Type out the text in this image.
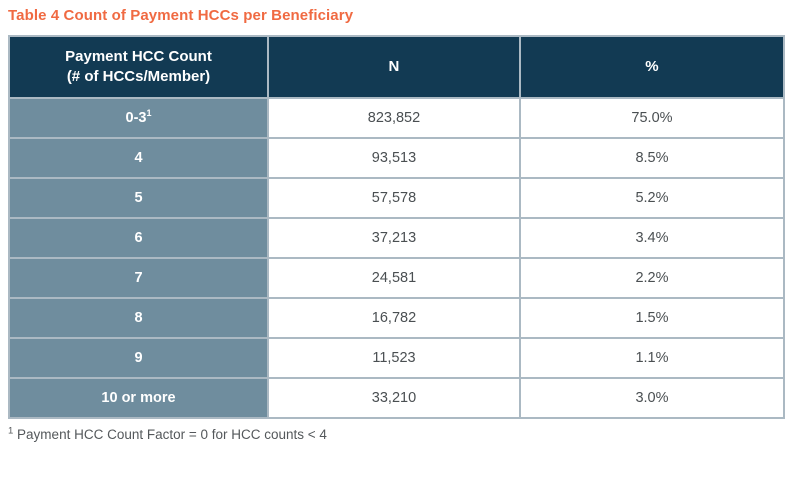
Table 4 Count of Payment HCCs per Beneficiary
Payment HCC Count
(# of HCCs/Member)	N	%
$0-3^1$	823,852	75.0%
4	93,513	8.5%
5	57,578	5.2%
6	37,213	3.4%
7	24,581	2.2%
8	16,782	1.5%
9	11,523	1.1%
10 or more	33,210	3.0%
$^1$ Payment HCC Count Factor = 0 for HCC counts < 4
